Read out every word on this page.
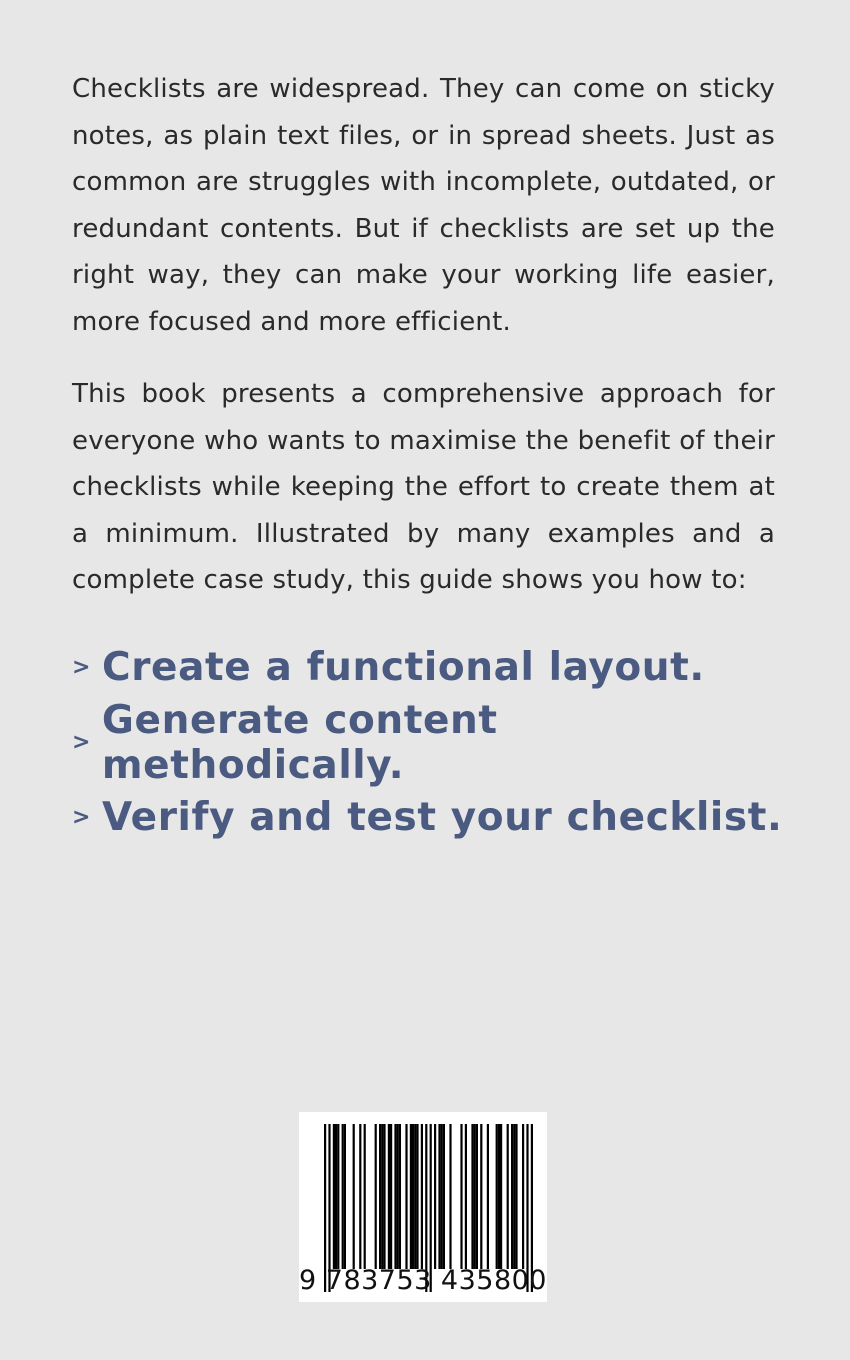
Checklists are widespread. They can come on sticky notes, as plain text files, or in spread sheets. Just as common are struggles with incomplete, outdated, or redundant contents. But if checklists are set up the right way, they can make your working life easier, more focused and more efficient.

This book presents a comprehensive approach for everyone who wants to maximise the benefit of their checklists while keeping the effort to create them at a minimum. Illustrated by many examples and a complete case study, this guide shows you how to:

> Create a functional layout.
> Generate content methodically.
> Verify and test your checklist.
9 783753 435800
